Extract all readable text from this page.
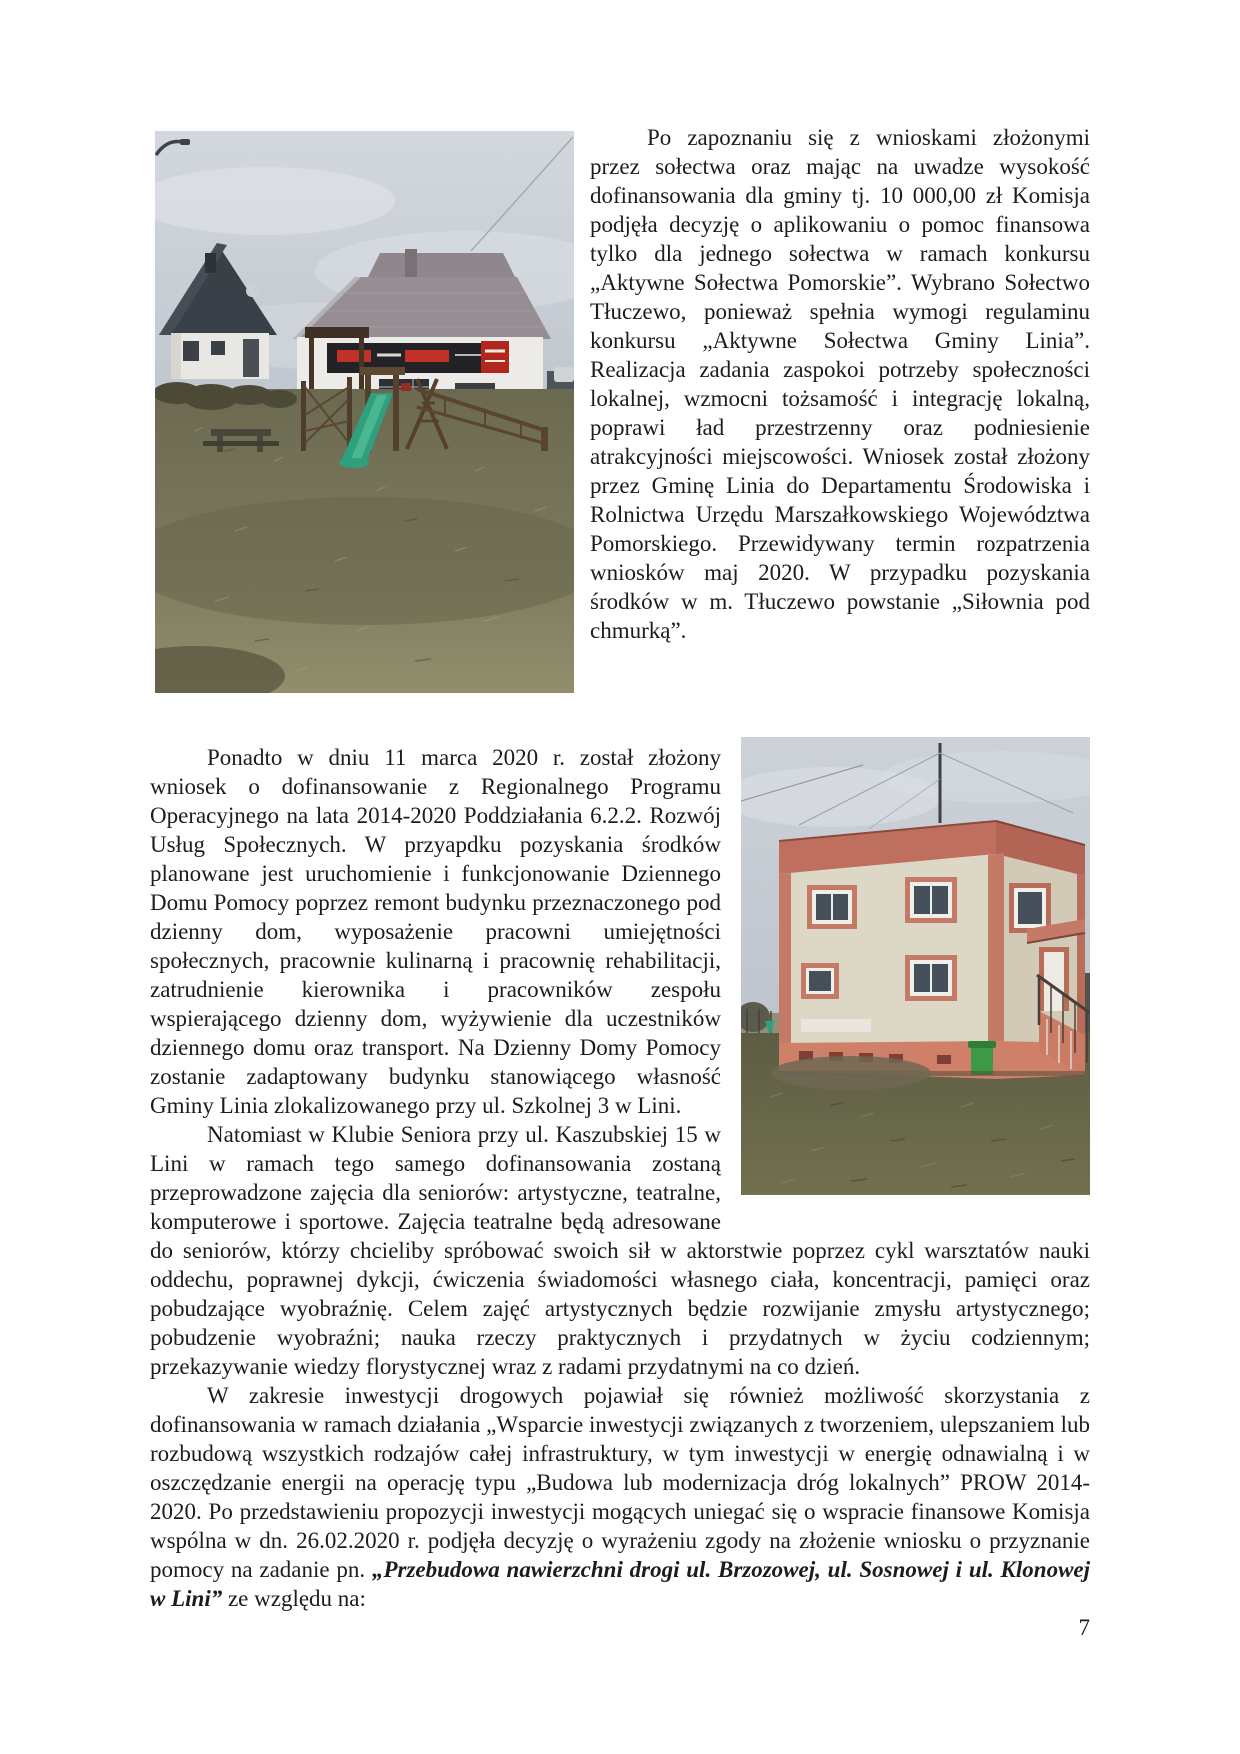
Po zapoznaniu się z wnioskami złożonymi przez sołectwa oraz mając na uwadze wysokość dofinansowania dla gminy tj. 10 000,00 zł Komisja podjęła decyzję o aplikowaniu o pomoc finansowa tylko dla jednego sołectwa w ramach konkursu „Aktywne Sołectwa Pomorskie”. Wybrano Sołectwo Tłuczewo, ponieważ spełnia wymogi regulaminu konkursu „Aktywne Sołectwa Gminy Linia”. Realizacja zadania zaspokoi potrzeby społeczności lokalnej, wzmocni tożsamość i integrację lokalną, poprawi ład przestrzenny oraz podniesienie atrakcyjności miejscowości. Wniosek został złożony przez Gminę Linia do Departamentu Środowiska i Rolnictwa Urzędu Marszałkowskiego Województwa Pomorskiego. Przewidywany termin rozpatrzenia wniosków maj 2020. W przypadku pozyskania środków w m. Tłuczewo powstanie „Siłownia pod chmurką”.

Ponadto w dniu 11 marca 2020 r. został złożony wniosek o dofinansowanie z Regionalnego Programu Operacyjnego na lata 2014-2020 Poddziałania 6.2.2. Rozwój Usług Społecznych. W przyapdku pozyskania środków planowane jest uruchomienie i funkcjonowanie Dziennego Domu Pomocy poprzez remont budynku przeznaczonego pod dzienny dom, wyposażenie pracowni umiejętności społecznych, pracownie kulinarną i pracownię rehabilitacji, zatrudnienie kierownika i pracowników zespołu wspierającego dzienny dom, wyżywienie dla uczestników dziennego domu oraz transport. Na Dzienny Domy Pomocy zostanie zadaptowany budynku stanowiącego własność Gminy Linia zlokalizowanego przy ul. Szkolnej 3 w Lini.

Natomiast w Klubie Seniora przy ul. Kaszubskiej 15 w Lini w ramach tego samego dofinansowania zostaną przeprowadzone zajęcia dla seniorów: artystyczne, teatralne, komputerowe i sportowe. Zajęcia teatralne będą adresowane do seniorów, którzy chcieliby spróbować swoich sił w aktorstwie poprzez cykl warsztatów nauki oddechu, poprawnej dykcji, ćwiczenia świadomości własnego ciała, koncentracji, pamięci oraz pobudzające wyobraźnię. Celem zajęć artystycznych będzie rozwijanie zmysłu artystycznego; pobudzenie wyobraźni; nauka rzeczy praktycznych i przydatnych w życiu codziennym; przekazywanie wiedzy florystycznej wraz z radami przydatnymi na co dzień.

W zakresie inwestycji drogowych pojawiał się również możliwość skorzystania z dofinansowania w ramach działania „Wsparcie inwestycji związanych z tworzeniem, ulepszaniem lub rozbudową wszystkich rodzajów całej infrastruktury, w tym inwestycji w energię odnawialną i w oszczędzanie energii na operację typu „Budowa lub modernizacja dróg lokalnych” PROW 2014-2020. Po przedstawieniu propozycji inwestycji mogących uniegać się o wspracie finansowe Komisja wspólna w dn. 26.02.2020 r. podjęła decyzję o wyrażeniu zgody na złożenie wniosku o przyznanie pomocy na zadanie pn. „Przebudowa nawierzchni drogi ul. Brzozowej, ul. Sosnowej i ul. Klonowej w Lini” ze względu na:

7
